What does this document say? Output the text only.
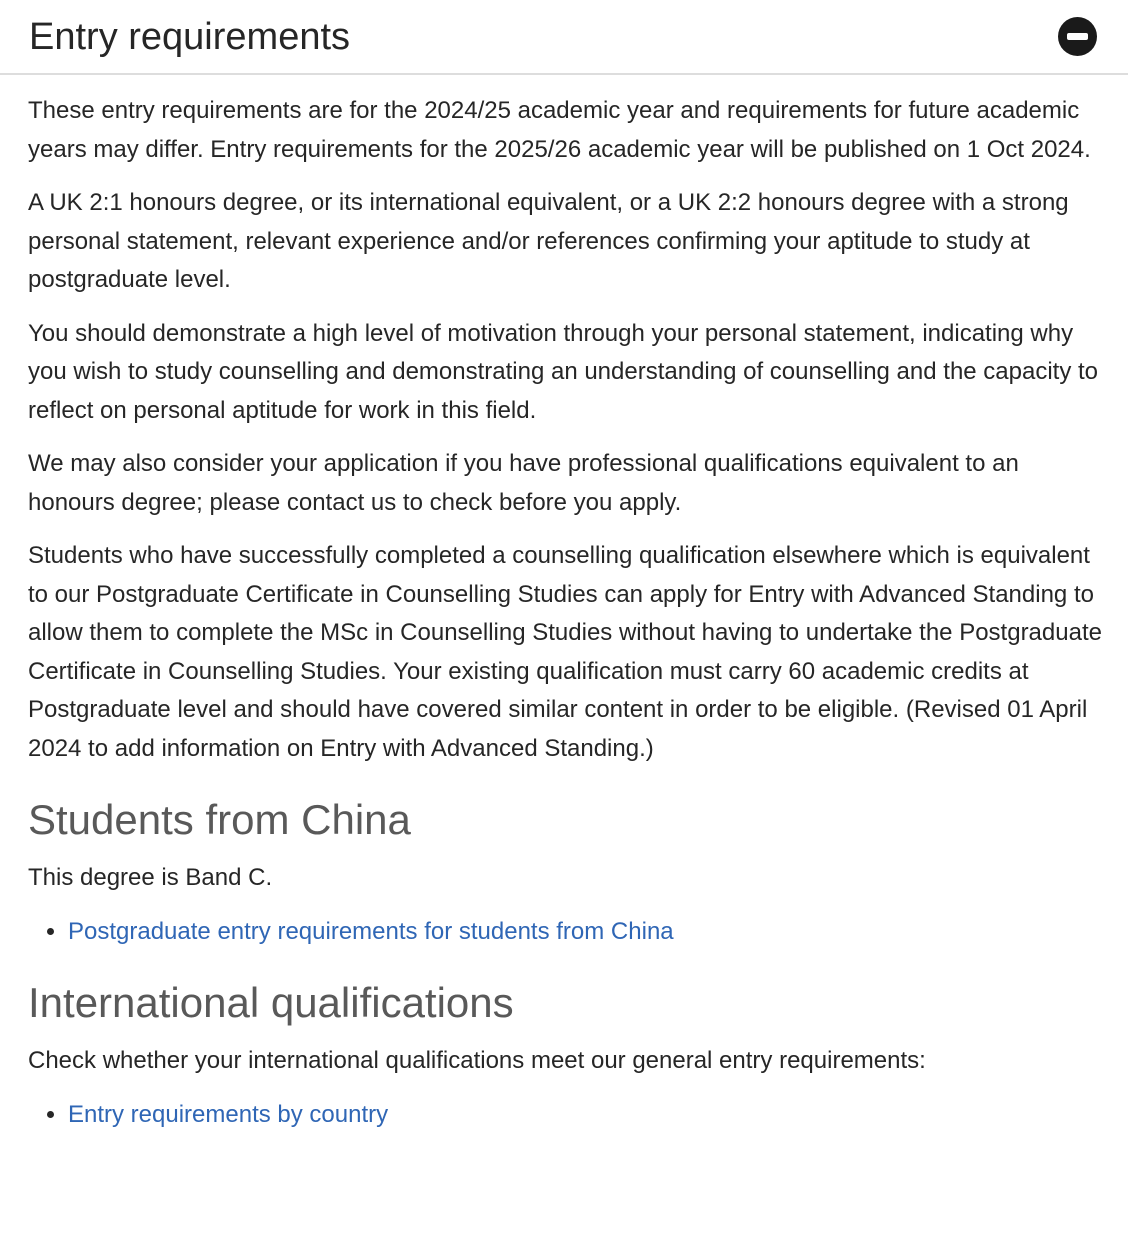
Entry requirements

These entry requirements are for the 2024/25 academic year and requirements for future academic years may differ. Entry requirements for the 2025/26 academic year will be published on 1 Oct 2024.

A UK 2:1 honours degree, or its international equivalent, or a UK 2:2 honours degree with a strong personal statement, relevant experience and/or references confirming your aptitude to study at postgraduate level.

You should demonstrate a high level of motivation through your personal statement, indicating why you wish to study counselling and demonstrating an understanding of counselling and the capacity to reflect on personal aptitude for work in this field.

We may also consider your application if you have professional qualifications equivalent to an honours degree; please contact us to check before you apply.

Students who have successfully completed a counselling qualification elsewhere which is equivalent to our Postgraduate Certificate in Counselling Studies can apply for Entry with Advanced Standing to allow them to complete the MSc in Counselling Studies without having to undertake the Postgraduate Certificate in Counselling Studies. Your existing qualification must carry 60 academic credits at Postgraduate level and should have covered similar content in order to be eligible. (Revised 01 April 2024 to add information on Entry with Advanced Standing.)

Students from China

This degree is Band C.

• Postgraduate entry requirements for students from China
International qualifications

Check whether your international qualifications meet our general entry requirements:

• Entry requirements by country
